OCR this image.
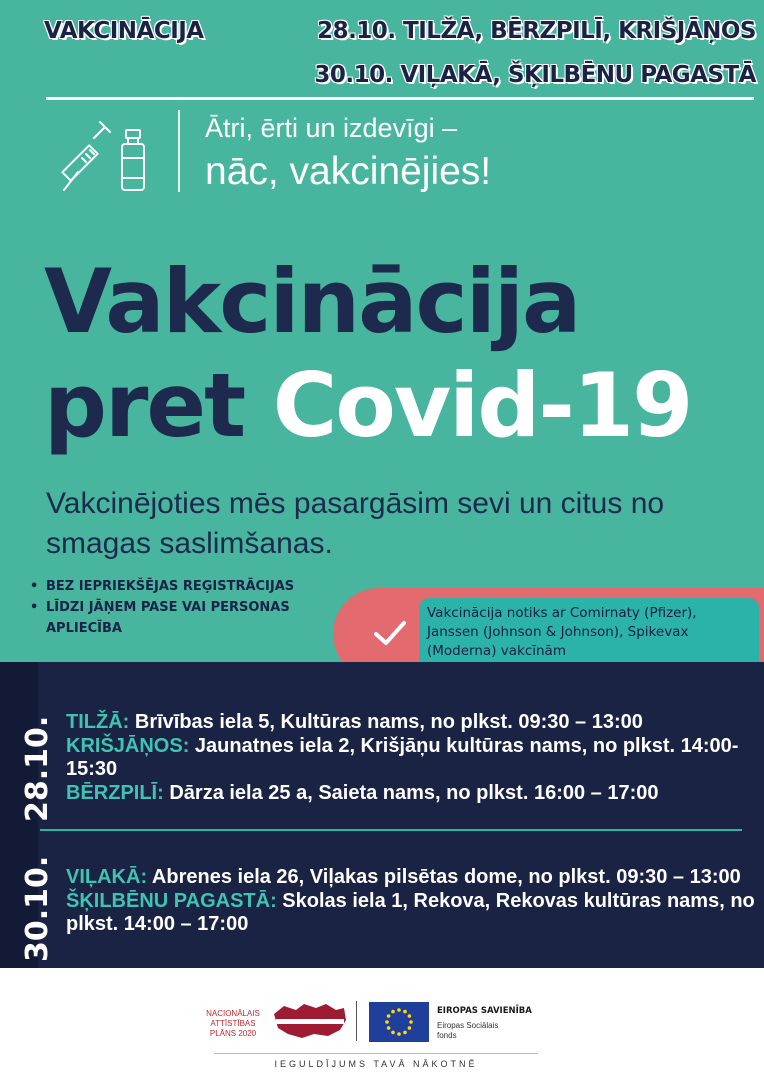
VAKCINĀCIJA	28.10. TILŽĀ, BĒRZPILĪ, KRIŠJĀŅOS
30.10. VIĻAKĀ, ŠĶILBĒNU PAGASTĀ
Ātri, ērti un izdevīgi –
nāc, vakcinējies!
Vakcinācija
pret Covid-19
Vakcinējoties mēs pasargāsim sevi un citus no smagas saslimšanas.
• BEZ IEPRIEKŠĒJAS REĢISTRĀCIJAS
• LĪDZI JĀŅEM PASE VAI PERSONAS APLIECĪBA
Vakcinācija notiks ar Comirnaty (Pfizer), Janssen (Johnson & Johnson), Spikevax (Moderna) vakcīnām
28.10. TILŽĀ: Brīvības iela 5, Kultūras nams, no plkst. 09:30 – 13:00
KRIŠJĀŅOS: Jaunatnes iela 2, Krišjāņu kultūras nams, no plkst. 14:00- 15:30
BĒRZPILĪ: Dārza iela 25 a, Saieta nams, no plkst. 16:00 – 17:00
30.10. VIĻAKĀ: Abrenes iela 26, Viļakas pilsētas dome, no plkst. 09:30 – 13:00
ŠĶILBĒNU PAGASTĀ: Skolas iela 1, Rekova, Rekovas kultūras nams, no plkst. 14:00 – 17:00
NACIONĀLAIS ATTĪSTĪBAS PLĀNS 2020
EIROPAS SAVIENĪBA
Eiropas Sociālais fonds
IEGULDĪJUMS TAVĀ NĀKOTNĒ
